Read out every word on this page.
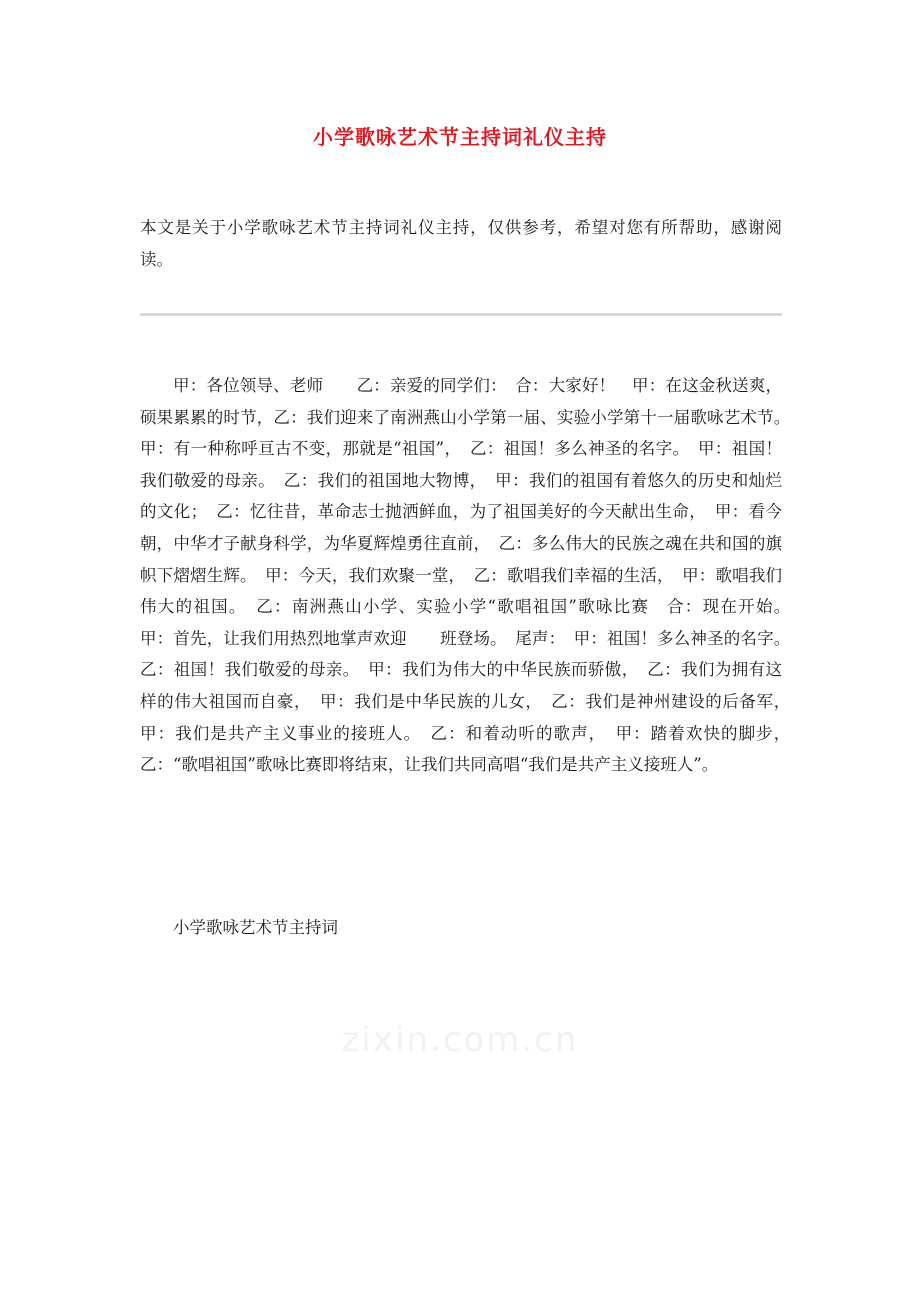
小学歌咏艺术节主持词礼仪主持
本文是关于小学歌咏艺术节主持词礼仪主持，仅供参考，希望对您有所帮助，感谢阅读。

甲：各位领导、老师　　乙：亲爱的同学们：　合：大家好！　甲：在这金秋送爽，硕果累累的时节，乙：我们迎来了南洲燕山小学第一届、实验小学第十一届歌咏艺术节。　甲：有一种称呼亘古不变，那就是“祖国”，　乙：祖国！多么神圣的名字。　甲：祖国！我们敬爱的母亲。　乙：我们的祖国地大物博，　甲：我们的祖国有着悠久的历史和灿烂的文化；　乙：忆往昔，革命志士抛洒鲜血，为了祖国美好的今天献出生命，　甲：看今朝，中华才子献身科学，为华夏辉煌勇往直前，　乙：多么伟大的民族之魂在共和国的旗帜下熠熠生辉。　甲：今天，我们欢聚一堂，　乙：歌唱我们幸福的生活，　甲：歌唱我们伟大的祖国。　乙：南洲燕山小学、实验小学“歌唱祖国”歌咏比赛　合：现在开始。　甲：首先，让我们用热烈地掌声欢迎　　班登场。　尾声：　甲：祖国！多么神圣的名字。　乙：祖国！我们敬爱的母亲。　甲：我们为伟大的中华民族而骄傲，　乙：我们为拥有这样的伟大祖国而自豪，　甲：我们是中华民族的儿女，　乙：我们是神州建设的后备军，　甲：我们是共产主义事业的接班人。　乙：和着动听的歌声，　甲：踏着欢快的脚步，　乙：“歌唱祖国”歌咏比赛即将结束，让我们共同高唱“我们是共产主义接班人”。

小学歌咏艺术节主持词

zixin.com.cn
